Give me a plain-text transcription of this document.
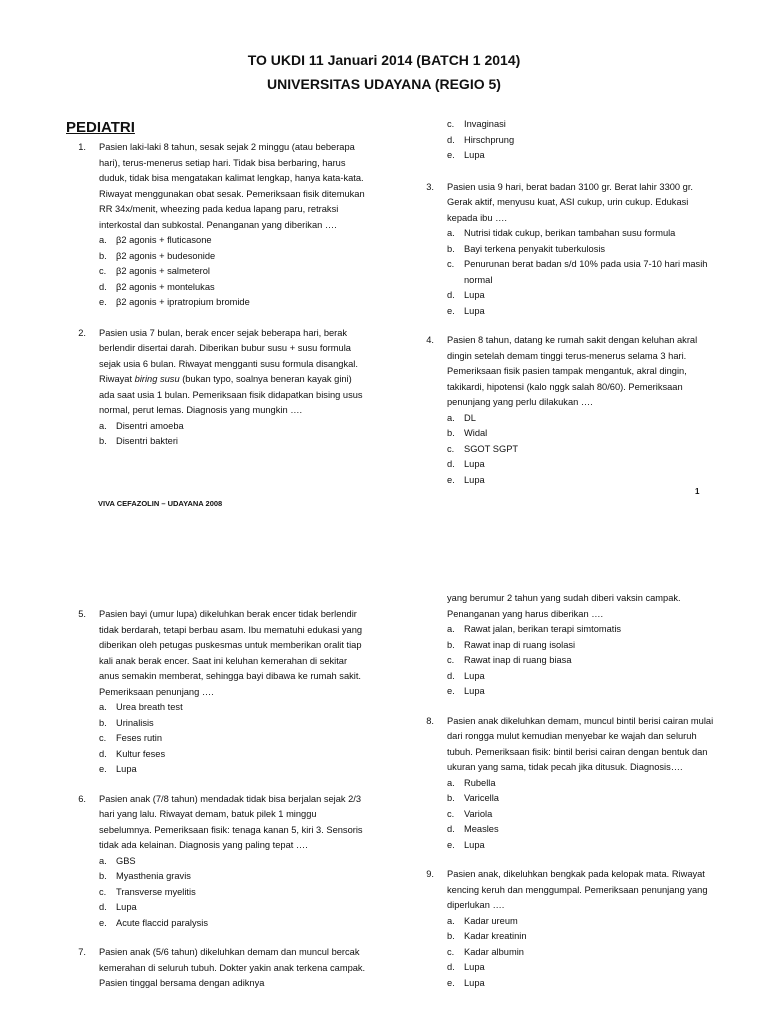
TO UKDI 11 Januari 2014 (BATCH 1 2014)
UNIVERSITAS UDAYANA (REGIO 5)
PEDIATRI
1. Pasien laki-laki 8 tahun, sesak sejak 2 minggu (atau beberapa hari), terus-menerus setiap hari. Tidak bisa berbaring, harus duduk, tidak bisa mengatakan kalimat lengkap, hanya kata-kata. Riwayat menggunakan obat sesak. Pemeriksaan fisik ditemukan RR 34x/menit, wheezing pada kedua lapang paru, retraksi interkostal dan subkostal. Penanganan yang diberikan ….
a. β2 agonis + fluticasone
b. β2 agonis + budesonide
c. β2 agonis + salmeterol
d. β2 agonis + montelukas
e. β2 agonis + ipratropium bromide
2. Pasien usia 7 bulan, berak encer sejak beberapa hari, berak berlendir disertai darah. Diberikan bubur susu + susu formula sejak usia 6 bulan. Riwayat mengganti susu formula disangkal. Riwayat biring susu (bukan typo, soalnya beneran kayak gini) ada saat usia 1 bulan. Pemeriksaan fisik didapatkan bising usus normal, perut lemas. Diagnosis yang mungkin ….
a. Disentri amoeba
b. Disentri bakteri
c. Invaginasi
d. Hirschprung
e. Lupa
3. Pasien usia 9 hari, berat badan 3100 gr. Berat lahir 3300 gr. Gerak aktif, menyusu kuat, ASI cukup, urin cukup. Edukasi kepada ibu ….
a. Nutrisi tidak cukup, berikan tambahan susu formula
b. Bayi terkena penyakit tuberkulosis
c. Penurunan berat badan s/d 10% pada usia 7-10 hari masih normal
d. Lupa
e. Lupa
4. Pasien 8 tahun, datang ke rumah sakit dengan keluhan akral dingin setelah demam tinggi terus-menerus selama 3 hari. Pemeriksaan fisik pasien tampak mengantuk, akral dingin, takikardi, hipotensi (kalo nggk salah 80/60). Pemeriksaan penunjang yang perlu dilakukan ….
a. DL
b. Widal
c. SGOT SGPT
d. Lupa
e. Lupa
1
VIVA CEFAZOLIN – UDAYANA 2008
5. Pasien bayi (umur lupa) dikeluhkan berak encer tidak berlendir tidak berdarah, tetapi berbau asam. Ibu mematuhi edukasi yang diberikan oleh petugas puskesmas untuk memberikan oralit tiap kali anak berak encer. Saat ini keluhan kemerahan di sekitar anus semakin memberat, sehingga bayi dibawa ke rumah sakit. Pemeriksaan penunjang ….
a. Urea breath test
b. Urinalisis
c. Feses rutin
d. Kultur feses
e. Lupa
6. Pasien anak (7/8 tahun) mendadak tidak bisa berjalan sejak 2/3 hari yang lalu. Riwayat demam, batuk pilek 1 minggu sebelumnya. Pemeriksaan fisik: tenaga kanan 5, kiri 3. Sensoris tidak ada kelainan. Diagnosis yang paling tepat ….
a. GBS
b. Myasthenia gravis
c. Transverse myelitis
d. Lupa
e. Acute flaccid paralysis
7. Pasien anak (5/6 tahun) dikeluhkan demam dan muncul bercak kemerahan di seluruh tubuh. Dokter yakin anak terkena campak. Pasien tinggal bersama dengan adiknya
yang berumur 2 tahun yang sudah diberi vaksin campak. Penanganan yang harus diberikan ….
a. Rawat jalan, berikan terapi simtomatis
b. Rawat inap di ruang isolasi
c. Rawat inap di ruang biasa
d. Lupa
e. Lupa
8. Pasien anak dikeluhkan demam, muncul bintil berisi cairan mulai dari rongga mulut kemudian menyebar ke wajah dan seluruh tubuh. Pemeriksaan fisik: bintil berisi cairan dengan bentuk dan ukuran yang sama, tidak pecah jika ditusuk. Diagnosis….
a. Rubella
b. Varicella
c. Variola
d. Measles
e. Lupa
9. Pasien anak, dikeluhkan bengkak pada kelopak mata. Riwayat kencing keruh dan menggumpal. Pemeriksaan penunjang yang diperlukan ….
a. Kadar ureum
b. Kadar kreatinin
c. Kadar albumin
d. Lupa
e. Lupa
